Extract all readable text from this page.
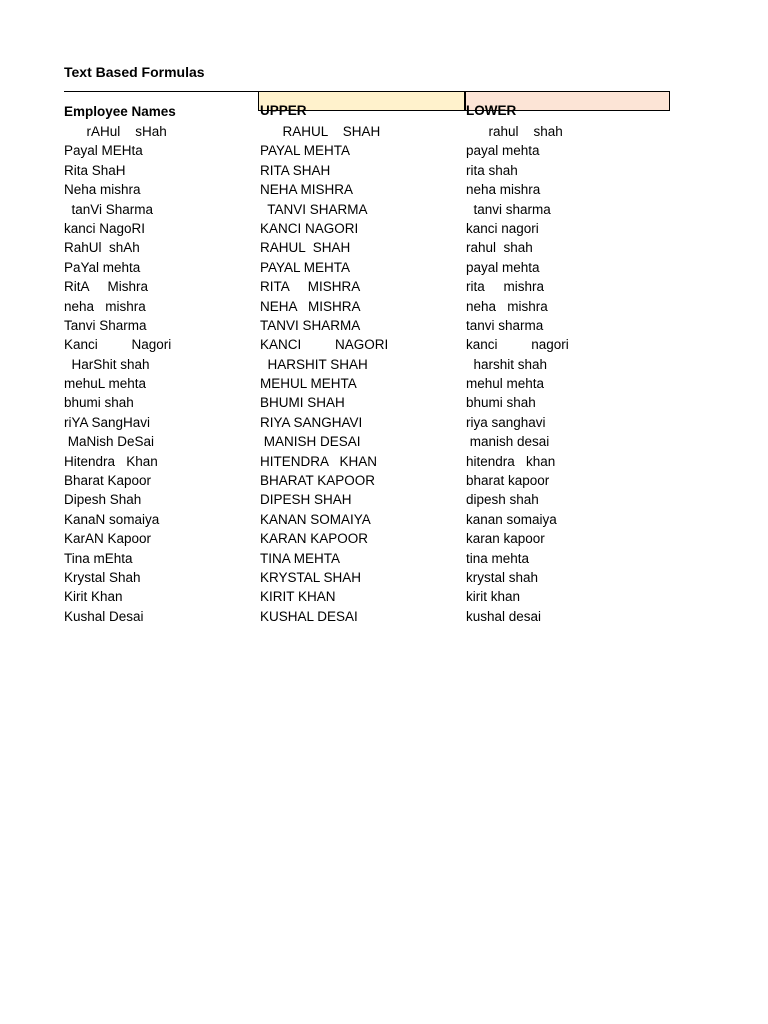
Text Based Formulas

Employee Names	UPPER	LOWER
rAHul    sHah	RAHUL    SHAH	rahul    shah
Payal MEHta	PAYAL MEHTA	payal mehta
Rita ShaH	RITA SHAH	rita shah
Neha mishra	NEHA MISHRA	neha mishra
tanVi Sharma	TANVI SHARMA	tanvi sharma
kanci NagoRI	KANCI NAGORI	kanci nagori
RahUl  shAh	RAHUL  SHAH	rahul  shah
PaYal mehta	PAYAL MEHTA	payal mehta
RitA     Mishra	RITA     MISHRA	rita     mishra
neha   mishra	NEHA   MISHRA	neha   mishra
Tanvi Sharma	TANVI SHARMA	tanvi sharma
Kanci         Nagori	KANCI         NAGORI	kanci         nagori
HarShit shah	HARSHIT SHAH	harshit shah
mehuL mehta	MEHUL MEHTA	mehul mehta
bhumi shah	BHUMI SHAH	bhumi shah
riYA SangHavi	RIYA SANGHAVI	riya sanghavi
MaNish DeSai	MANISH DESAI	manish desai
Hitendra   Khan	HITENDRA   KHAN	hitendra   khan
Bharat Kapoor	BHARAT KAPOOR	bharat kapoor
Dipesh Shah	DIPESH SHAH	dipesh shah
KanaN somaiya	KANAN SOMAIYA	kanan somaiya
KarAN Kapoor	KARAN KAPOOR	karan kapoor
Tina mEhta	TINA MEHTA	tina mehta
Krystal Shah	KRYSTAL SHAH	krystal shah
Kirit Khan	KIRIT KHAN	kirit khan
Kushal Desai	KUSHAL DESAI	kushal desai
